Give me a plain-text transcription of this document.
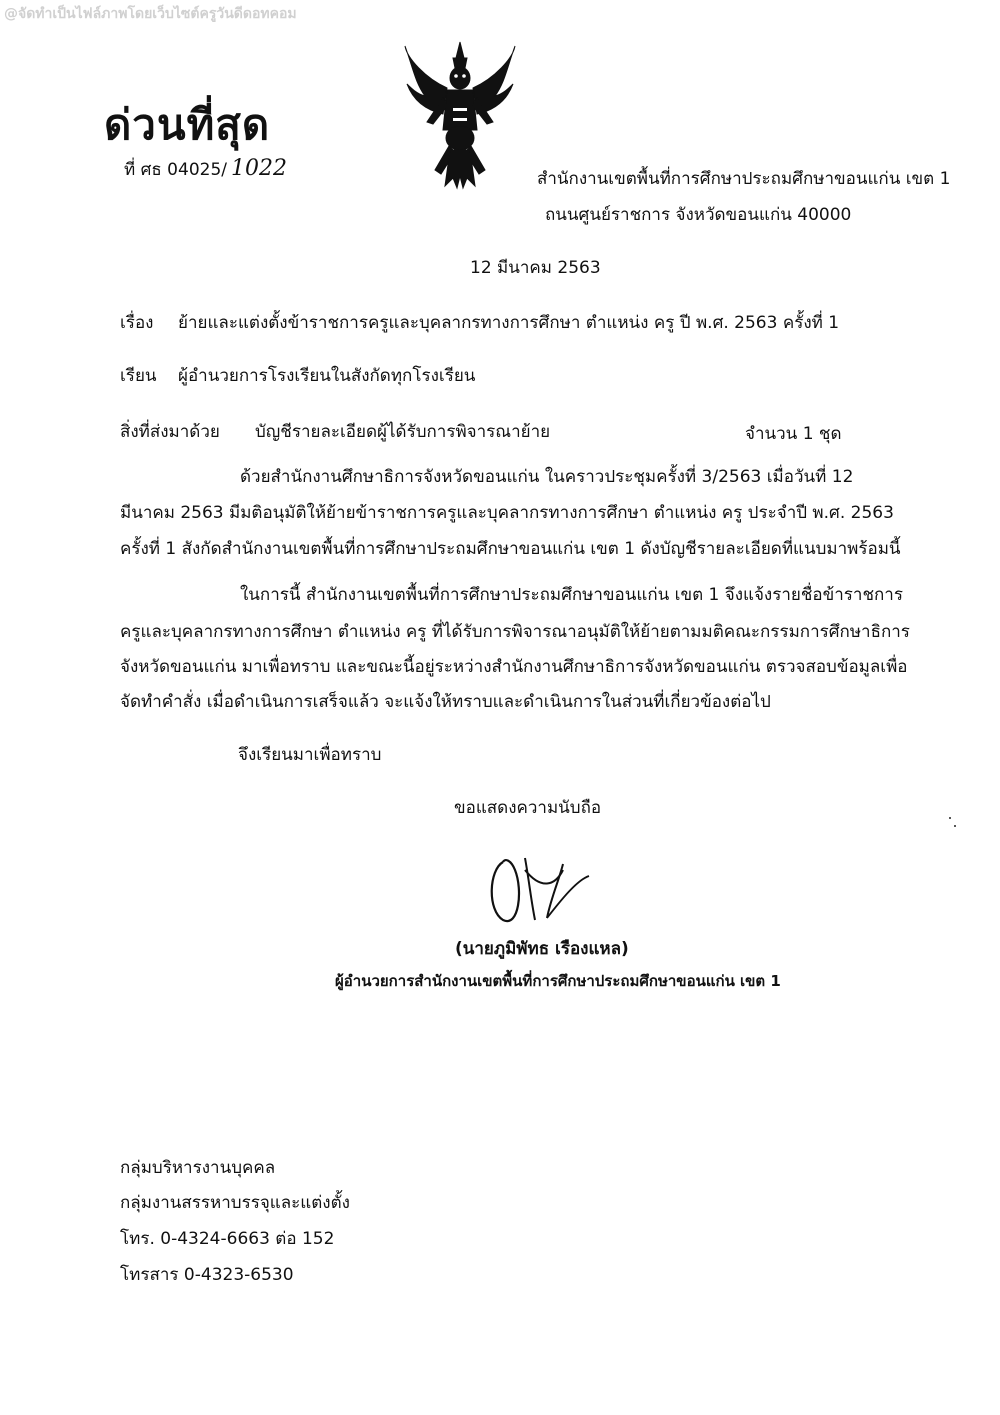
@จัดทำเป็นไฟล์ภาพโดยเว็บไซต์ครูวันดีดอทคอม
ด่วนที่สุด
ที่ ศธ 04025/ 1022	สำนักงานเขตพื้นที่การศึกษาประถมศึกษาขอนแก่น เขต 1
ถนนศูนย์ราชการ จังหวัดขอนแก่น 40000
12 มีนาคม 2563
เรื่อง ย้ายและแต่งตั้งข้าราชการครูและบุคลากรทางการศึกษา ตำแหน่ง ครู ปี พ.ศ. 2563 ครั้งที่ 1
เรียน ผู้อำนวยการโรงเรียนในสังกัดทุกโรงเรียน
สิ่งที่ส่งมาด้วย บัญชีรายละเอียดผู้ได้รับการพิจารณาย้าย	จำนวน 1 ชุด
ด้วยสำนักงานศึกษาธิการจังหวัดขอนแก่น ในคราวประชุมครั้งที่ 3/2563 เมื่อวันที่ 12
มีนาคม 2563 มีมติอนุมัติให้ย้ายข้าราชการครูและบุคลากรทางการศึกษา ตำแหน่ง ครู ประจำปี พ.ศ. 2563
ครั้งที่ 1 สังกัดสำนักงานเขตพื้นที่การศึกษาประถมศึกษาขอนแก่น เขต 1 ดังบัญชีรายละเอียดที่แนบมาพร้อมนี้
ในการนี้ สำนักงานเขตพื้นที่การศึกษาประถมศึกษาขอนแก่น เขต 1 จึงแจ้งรายชื่อข้าราชการ
ครูและบุคลากรทางการศึกษา ตำแหน่ง ครู ที่ได้รับการพิจารณาอนุมัติให้ย้ายตามมติคณะกรรมการศึกษาธิการ
จังหวัดขอนแก่น มาเพื่อทราบ และขณะนี้อยู่ระหว่างสำนักงานศึกษาธิการจังหวัดขอนแก่น ตรวจสอบข้อมูลเพื่อ
จัดทำคำสั่ง เมื่อดำเนินการเสร็จแล้ว จะแจ้งให้ทราบและดำเนินการในส่วนที่เกี่ยวข้องต่อไป
จึงเรียนมาเพื่อทราบ
ขอแสดงความนับถือ
(นายภูมิพัทธ เรืองแหล)
ผู้อำนวยการสำนักงานเขตพื้นที่การศึกษาประถมศึกษาขอนแก่น เขต 1
กลุ่มบริหารงานบุคคล
กลุ่มงานสรรหาบรรจุและแต่งตั้ง
โทร. 0-4324-6663 ต่อ 152
โทรสาร 0-4323-6530
